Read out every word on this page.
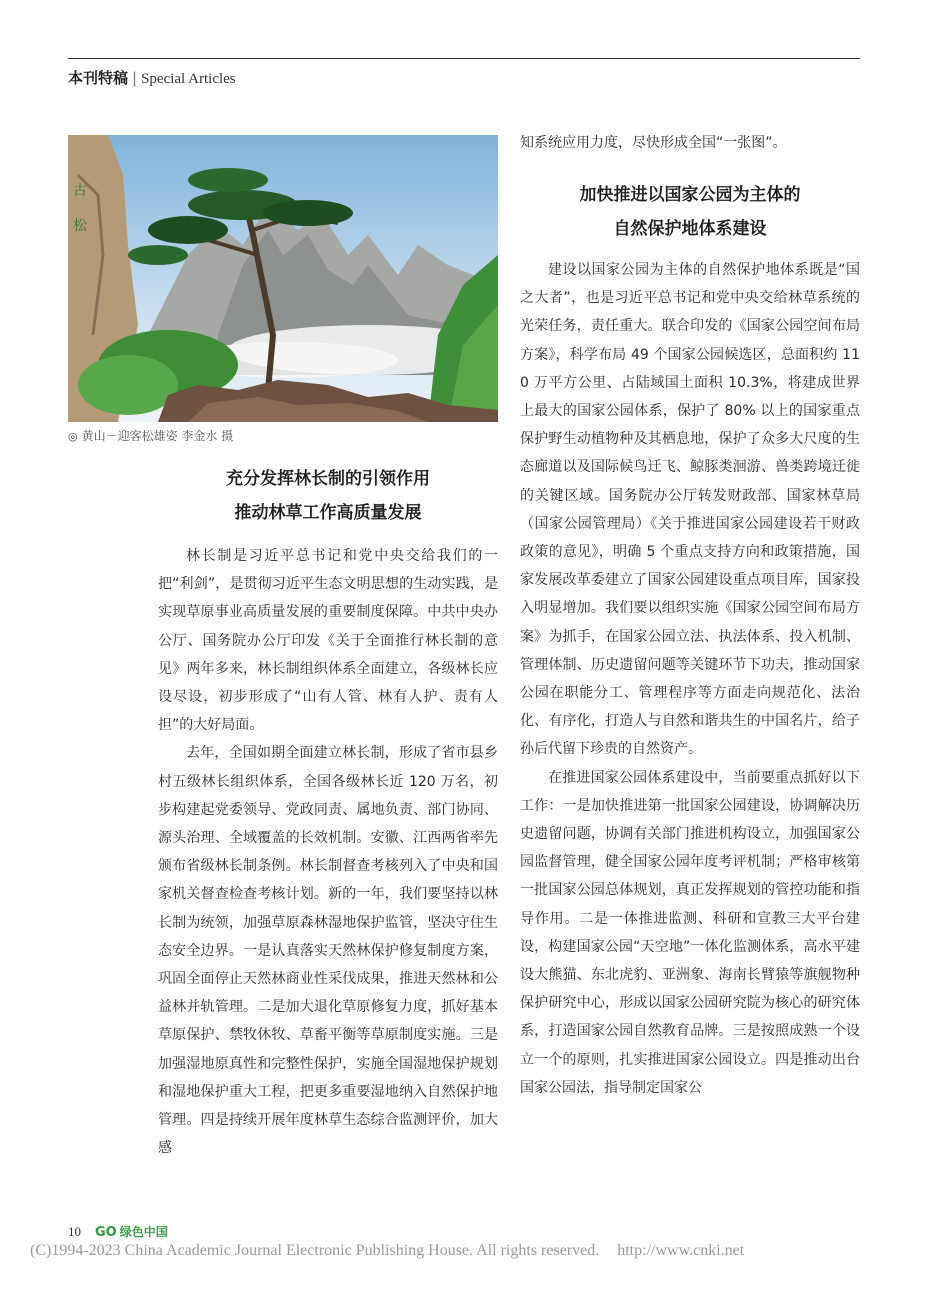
本刊特稿 | Special Articles
古
松
◎ 黄山－迎客松雄姿 李金水 摄
充分发挥林长制的引领作用
推动林草工作高质量发展

林长制是习近平总书记和党中央交给我们的一把“利剑”，是贯彻习近平生态文明思想的生动实践，是实现草原事业高质量发展的重要制度保障。中共中央办公厅、国务院办公厅印发《关于全面推行林长制的意见》两年多来，林长制组织体系全面建立，各级林长应设尽设，初步形成了“山有人管、林有人护、责有人担”的大好局面。

去年，全国如期全面建立林长制，形成了省市县乡村五级林长组织体系，全国各级林长近 120 万名，初步构建起党委领导、党政同责、属地负责、部门协同、源头治理、全域覆盖的长效机制。安徽、江西两省率先颁布省级林长制条例。林长制督查考核列入了中央和国家机关督查检查考核计划。新的一年，我们要坚持以林长制为统领，加强草原森林湿地保护监管，坚决守住生态安全边界。一是认真落实天然林保护修复制度方案，巩固全面停止天然林商业性采伐成果，推进天然林和公益林并轨管理。二是加大退化草原修复力度，抓好基本草原保护、禁牧休牧、草畜平衡等草原制度实施。三是加强湿地原真性和完整性保护，实施全国湿地保护规划和湿地保护重大工程，把更多重要湿地纳入自然保护地管理。四是持续开展年度林草生态综合监测评价，加大感

知系统应用力度，尽快形成全国“一张图”。

加快推进以国家公园为主体的
自然保护地体系建设

建设以国家公园为主体的自然保护地体系既是“国之大者”，也是习近平总书记和党中央交给林草系统的光荣任务，责任重大。联合印发的《国家公园空间布局方案》，科学布局 49 个国家公园候选区，总面积约 110 万平方公里、占陆域国土面积 10.3%，将建成世界上最大的国家公园体系，保护了 80% 以上的国家重点保护野生动植物种及其栖息地，保护了众多大尺度的生态廊道以及国际候鸟迁飞、鲸豚类洄游、兽类跨境迁徙的关键区域。国务院办公厅转发财政部、国家林草局（国家公园管理局）《关于推进国家公园建设若干财政政策的意见》，明确 5 个重点支持方向和政策措施，国家发展改革委建立了国家公园建设重点项目库，国家投入明显增加。我们要以组织实施《国家公园空间布局方案》为抓手，在国家公园立法、执法体系、投入机制、管理体制、历史遗留问题等关键环节下功夫，推动国家公园在职能分工、管理程序等方面走向规范化、法治化、有序化，打造人与自然和谐共生的中国名片，给子孙后代留下珍贵的自然资产。

在推进国家公园体系建设中，当前要重点抓好以下工作：一是加快推进第一批国家公园建设，协调解决历史遗留问题，协调有关部门推进机构设立，加强国家公园监督管理，健全国家公园年度考评机制；严格审核第一批国家公园总体规划，真正发挥规划的管控功能和指导作用。二是一体推进监测、科研和宣教三大平台建设，构建国家公园“天空地”一体化监测体系，高水平建设大熊猫、东北虎豹、亚洲象、海南长臂猿等旗舰物种保护研究中心，形成以国家公园研究院为核心的研究体系，打造国家公园自然教育品牌。三是按照成熟一个设立一个的原则，扎实推进国家公园设立。四是推动出台国家公园法，指导制定国家公

10 GO 绿色中国
(C)1994-2023 China Academic Journal Electronic Publishing House. All rights reserved. http://www.cnki.net
